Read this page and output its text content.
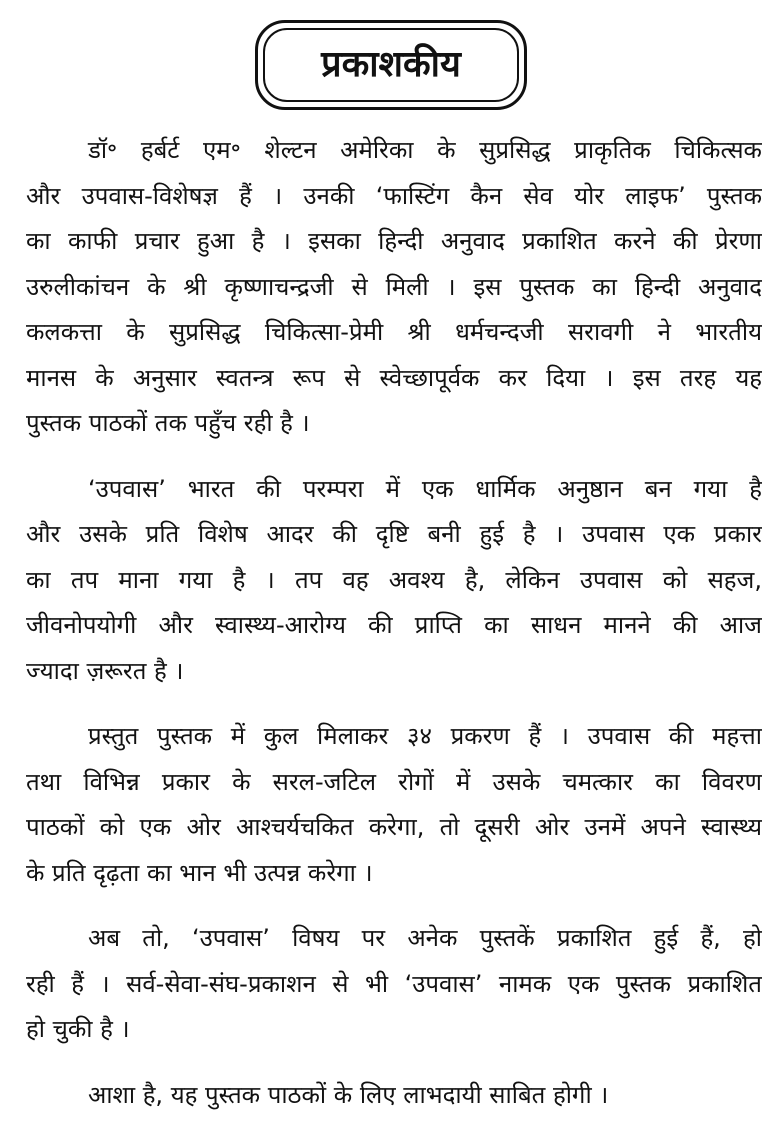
प्रकाशकीय
डॉ॰ हर्बर्ट एम॰ शेल्टन अमेरिका के सुप्रसिद्ध प्राकृतिक चिकित्सक
और उपवास-विशेषज्ञ हैं । उनकी ‘फास्टिंग कैन सेव योर लाइफ’ पुस्तक
का काफी प्रचार हुआ है । इसका हिन्दी अनुवाद प्रकाशित करने की प्रेरणा
उरुलीकांचन के श्री कृष्णाचन्द्रजी से मिली । इस पुस्तक का हिन्दी अनुवाद
कलकत्ता के सुप्रसिद्ध चिकित्सा-प्रेमी श्री धर्मचन्दजी सरावगी ने भारतीय
मानस के अनुसार स्वतन्त्र रूप से स्वेच्छापूर्वक कर दिया । इस तरह यह
पुस्तक पाठकों तक पहुँच रही है ।
‘उपवास’ भारत की परम्परा में एक धार्मिक अनुष्ठान बन गया है
और उसके प्रति विशेष आदर की दृष्टि बनी हुई है । उपवास एक प्रकार
का तप माना गया है । तप वह अवश्य है, लेकिन उपवास को सहज,
जीवनोपयोगी और स्वास्थ्य-आरोग्य की प्राप्ति का साधन मानने की आज
ज्यादा ज़रूरत है ।
प्रस्तुत पुस्तक में कुल मिलाकर ३४ प्रकरण हैं । उपवास की महत्ता
तथा विभिन्न प्रकार के सरल-जटिल रोगों में उसके चमत्कार का विवरण
पाठकों को एक ओर आश्चर्यचकित करेगा, तो दूसरी ओर उनमें अपने स्वास्थ्य
के प्रति दृढ़ता का भान भी उत्पन्न करेगा ।
अब तो, ‘उपवास’ विषय पर अनेक पुस्तकें प्रकाशित हुई हैं, हो
रही हैं । सर्व-सेवा-संघ-प्रकाशन से भी ‘उपवास’ नामक एक पुस्तक प्रकाशित
हो चुकी है ।
आशा है, यह पुस्तक पाठकों के लिए लाभदायी साबित होगी ।
